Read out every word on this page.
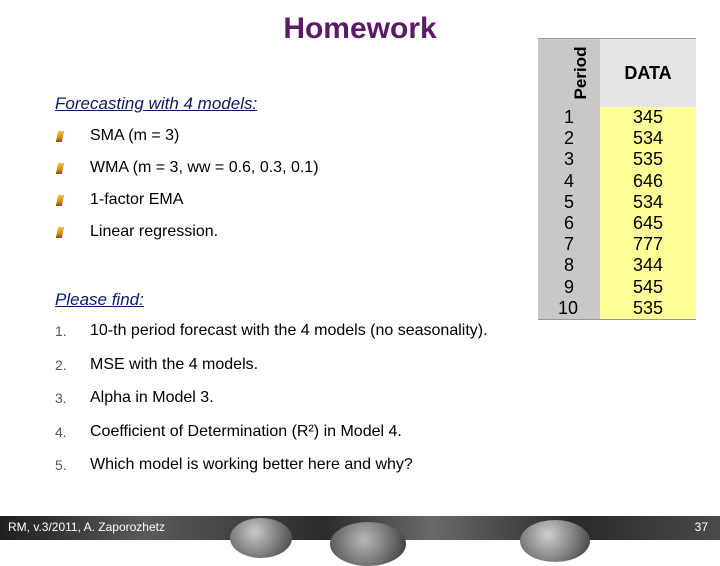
Homework
Forecasting with 4 models:
SMA (m = 3)
WMA (m = 3, ww = 0.6, 0.3, 0.1)
1-factor EMA
Linear regression.
Please find:
1. 10-th period forecast with the 4 models (no seasonality).
2. MSE with the 4 models.
3. Alpha in Model 3.
4. Coefficient of Determination (R²) in Model 4.
5. Which model is working better here and why?
Period	DATA
1
2
3
4
5
6
7
8
9
10
345
534
535
646
534
645
777
344
545
535
RM, v.3/2011, A. Zaporozhetz	37
